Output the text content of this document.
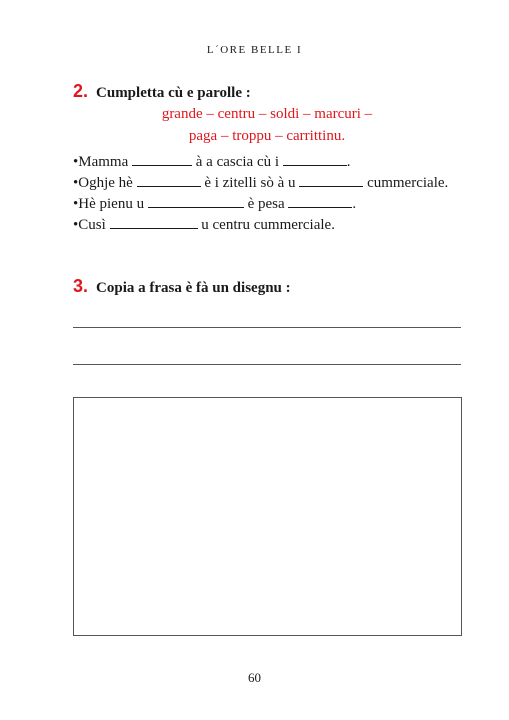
L´ORE BELLE I
2. Cumpletta cù e parolle :
grande – centru – soldi – marcuri –
paga – troppu – carrittinu.
•Mamma	à a cascia cù i	.
•Oghje hè	è i zitelli sò à u	cummerciale.
•Hè pienu u	è pesa	.
•Cusì	u centru cummerciale.
3. Copia a frasa è fà un disegnu :
60
